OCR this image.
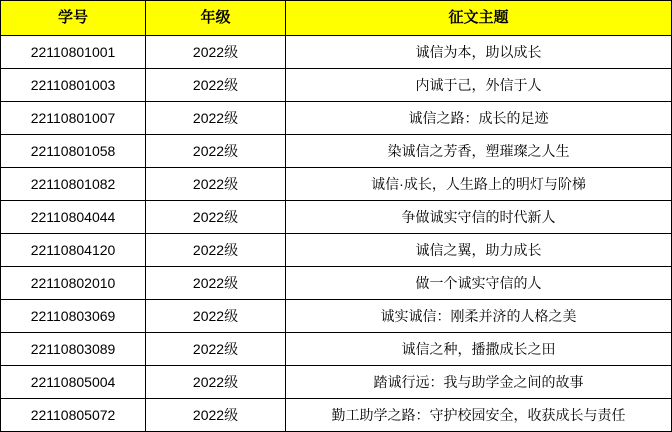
学号	年级	征文主题
22110801001	2022级	诚信为本，助以成长
22110801003	2022级	内诚于己，外信于人
22110801007	2022级	诚信之路：成长的足迹
22110801058	2022级	染诚信之芳香，塑璀璨之人生
22110801082	2022级	诚信·成长，人生路上的明灯与阶梯
22110804044	2022级	争做诚实守信的时代新人
22110804120	2022级	诚信之翼，助力成长
22110802010	2022级	做一个诚实守信的人
22110803069	2022级	诚实诚信：刚柔并济的人格之美
22110803089	2022级	诚信之种，播撒成长之田
22110805004	2022级	踏诚行远：我与助学金之间的故事
22110805072	2022级	勤工助学之路：守护校园安全，收获成长与责任
